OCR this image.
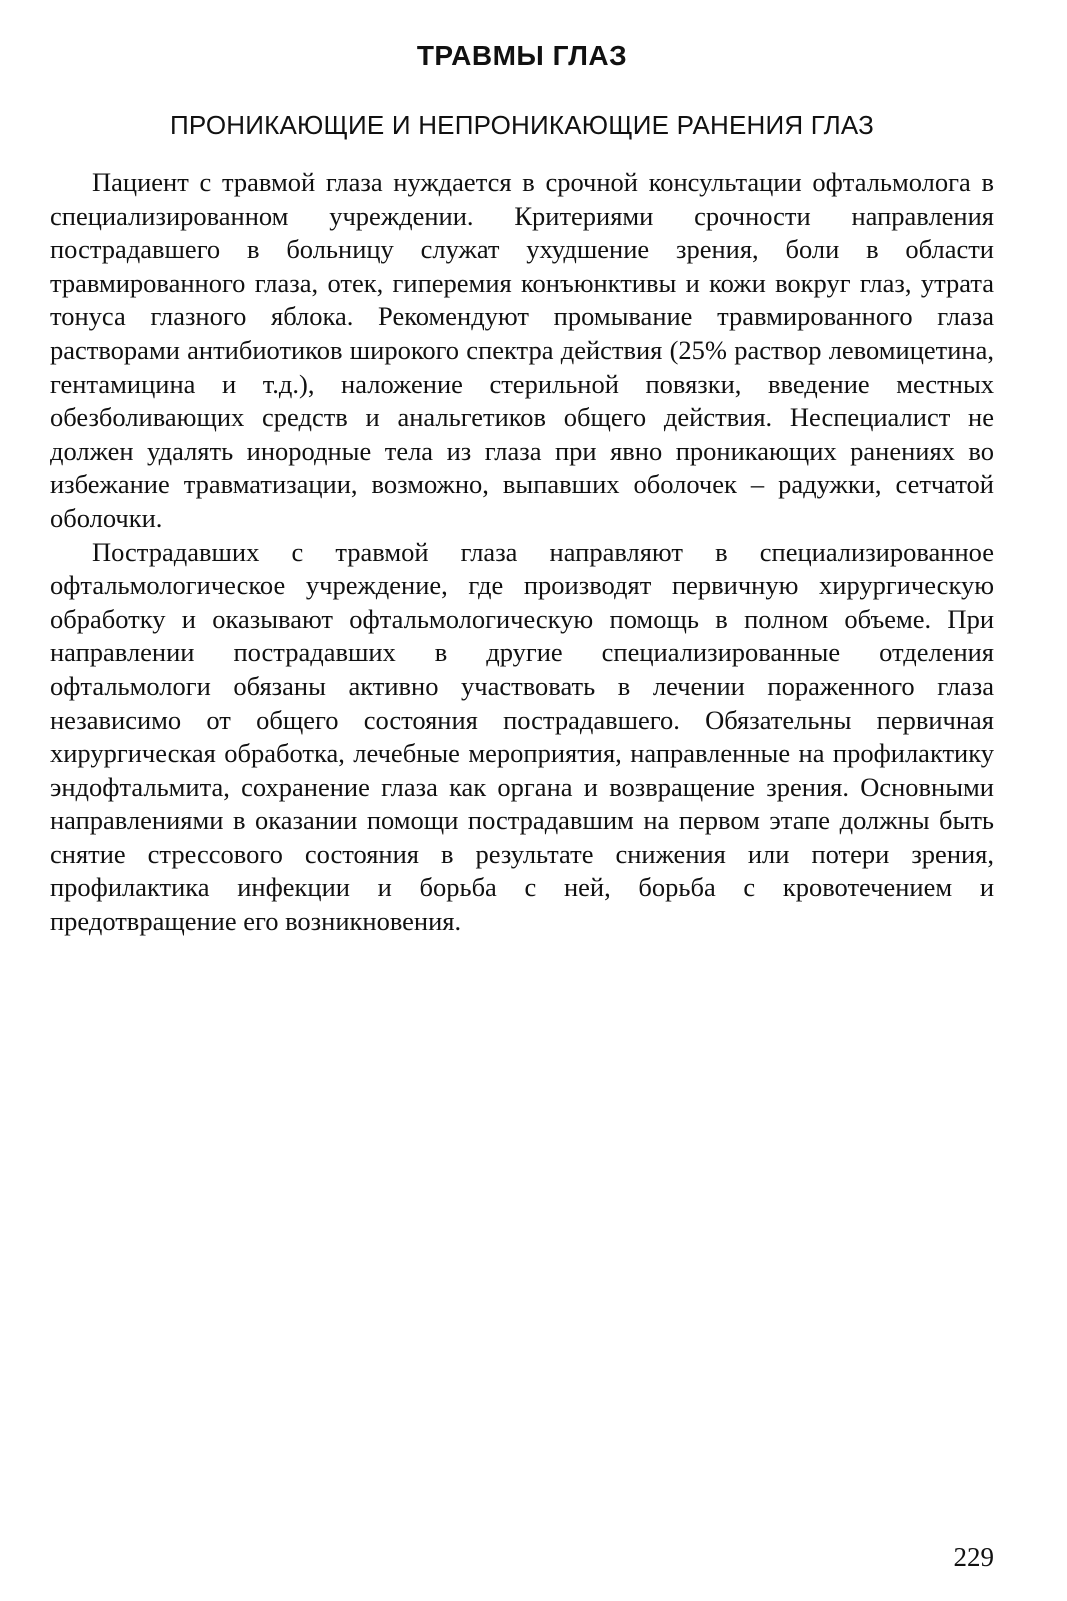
ТРАВМЫ ГЛАЗ
ПРОНИКАЮЩИЕ И НЕПРОНИКАЮЩИЕ РАНЕНИЯ ГЛАЗ

Пациент с травмой глаза нуждается в срочной консультации офтальмолога в специализированном учреждении. Критериями срочности направления пострадавшего в больницу служат ухудшение зрения, боли в области травмированного глаза, отек, гиперемия конъюнктивы и кожи вокруг глаз, утрата тонуса глазного яблока. Рекомендуют промывание травмированного глаза растворами антибиотиков широкого спектра действия (25% раствор левомицетина, гентамицина и т.д.), наложение стерильной повязки, введение местных обезболивающих средств и анальгетиков общего действия. Неспециалист не должен удалять инородные тела из глаза при явно проникающих ранениях во избежание травматизации, возможно, выпавших оболочек – радужки, сетчатой оболочки.

Пострадавших с травмой глаза направляют в специализированное офтальмологическое учреждение, где производят первичную хирургическую обработку и оказывают офтальмологическую помощь в полном объеме. При направлении пострадавших в другие специализированные отделения офтальмологи обязаны активно участвовать в лечении пораженного глаза независимо от общего состояния пострадавшего. Обязательны первичная хирургическая обработка, лечебные мероприятия, направленные на профилактику эндофтальмита, сохранение глаза как органа и возвращение зрения. Основными направлениями в оказании помощи пострадавшим на первом этапе должны быть снятие стрессового состояния в результате снижения или потери зрения, профилактика инфекции и борьба с ней, борьба с кровотечением и предотвращение его возникновения.

229
